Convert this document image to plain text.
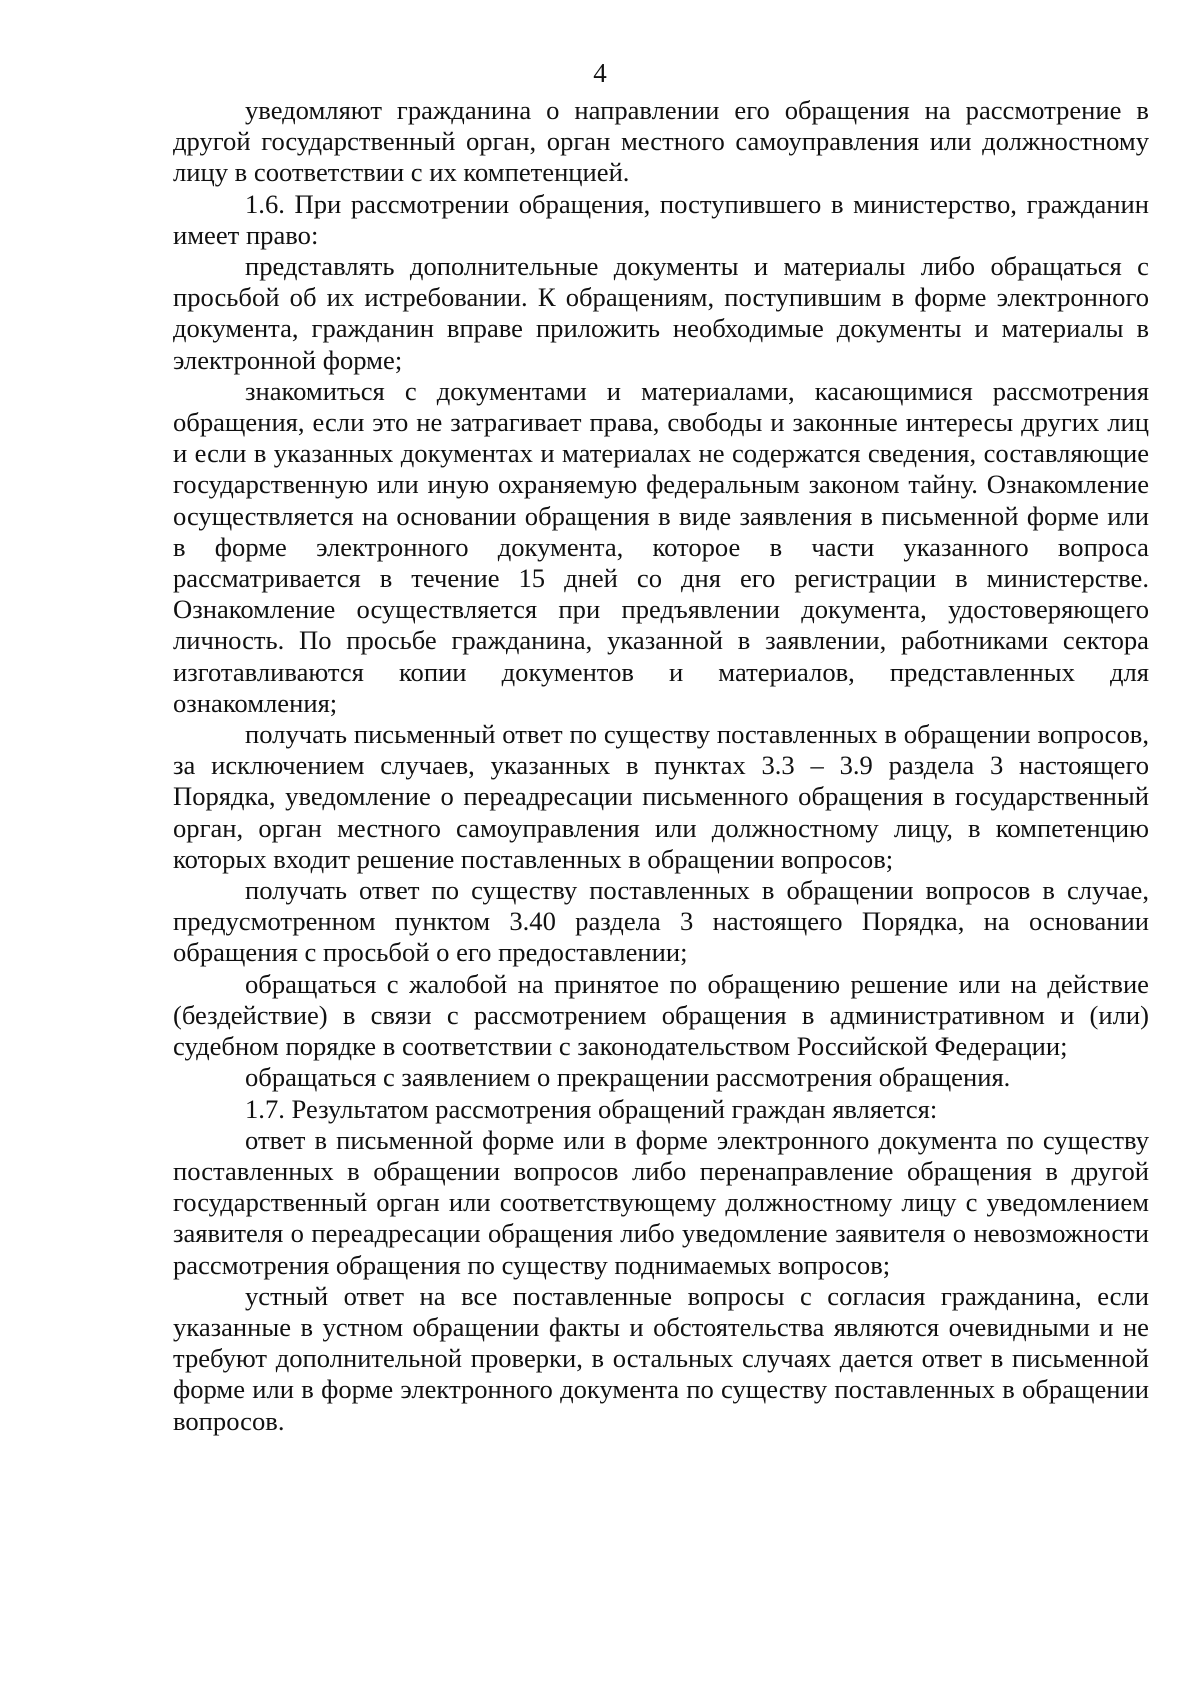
4

уведомляют гражданина о направлении его обращения на рассмотрение в другой государственный орган, орган местного самоуправления или должностному лицу в соответствии с их компетенцией.

1.6. При рассмотрении обращения, поступившего в министерство, гражданин имеет право:

представлять дополнительные документы и материалы либо обращаться с просьбой об их истребовании. К обращениям, поступившим в форме электронного документа, гражданин вправе приложить необходимые документы и материалы в электронной форме;

знакомиться с документами и материалами, касающимися рассмотрения обращения, если это не затрагивает права, свободы и законные интересы других лиц и если в указанных документах и материалах не содержатся сведения, составляющие государственную или иную охраняемую федеральным законом тайну. Ознакомление осуществляется на основании обращения в виде заявления в письменной форме или в форме электронного документа, которое в части указанного вопроса рассматривается в течение 15 дней со дня его регистрации в министерстве. Ознакомление осуществляется при предъявлении документа, удостоверяющего личность. По просьбе гражданина, указанной в заявлении, работниками сектора изготавливаются копии документов и материалов, представленных для ознакомления;

получать письменный ответ по существу поставленных в обращении вопросов, за исключением случаев, указанных в пунктах 3.3 – 3.9 раздела 3 настоящего Порядка, уведомление о переадресации письменного обращения в государственный орган, орган местного самоуправления или должностному лицу, в компетенцию которых входит решение поставленных в обращении вопросов;

получать ответ по существу поставленных в обращении вопросов в случае, предусмотренном пунктом 3.40 раздела 3 настоящего Порядка, на основании обращения с просьбой о его предоставлении;

обращаться с жалобой на принятое по обращению решение или на действие (бездействие) в связи с рассмотрением обращения в административном и (или) судебном порядке в соответствии с законодательством Российской Федерации;

обращаться с заявлением о прекращении рассмотрения обращения.

1.7. Результатом рассмотрения обращений граждан является:

ответ в письменной форме или в форме электронного документа по существу поставленных в обращении вопросов либо перенаправление обращения в другой государственный орган или соответствующему должностному лицу с уведомлением заявителя о переадресации обращения либо уведомление заявителя о невозможности рассмотрения обращения по существу поднимаемых вопросов;

устный ответ на все поставленные вопросы с согласия гражданина, если указанные в устном обращении факты и обстоятельства являются очевидными и не требуют дополнительной проверки, в остальных случаях дается ответ в письменной форме или в форме электронного документа по существу поставленных в обращении вопросов.
